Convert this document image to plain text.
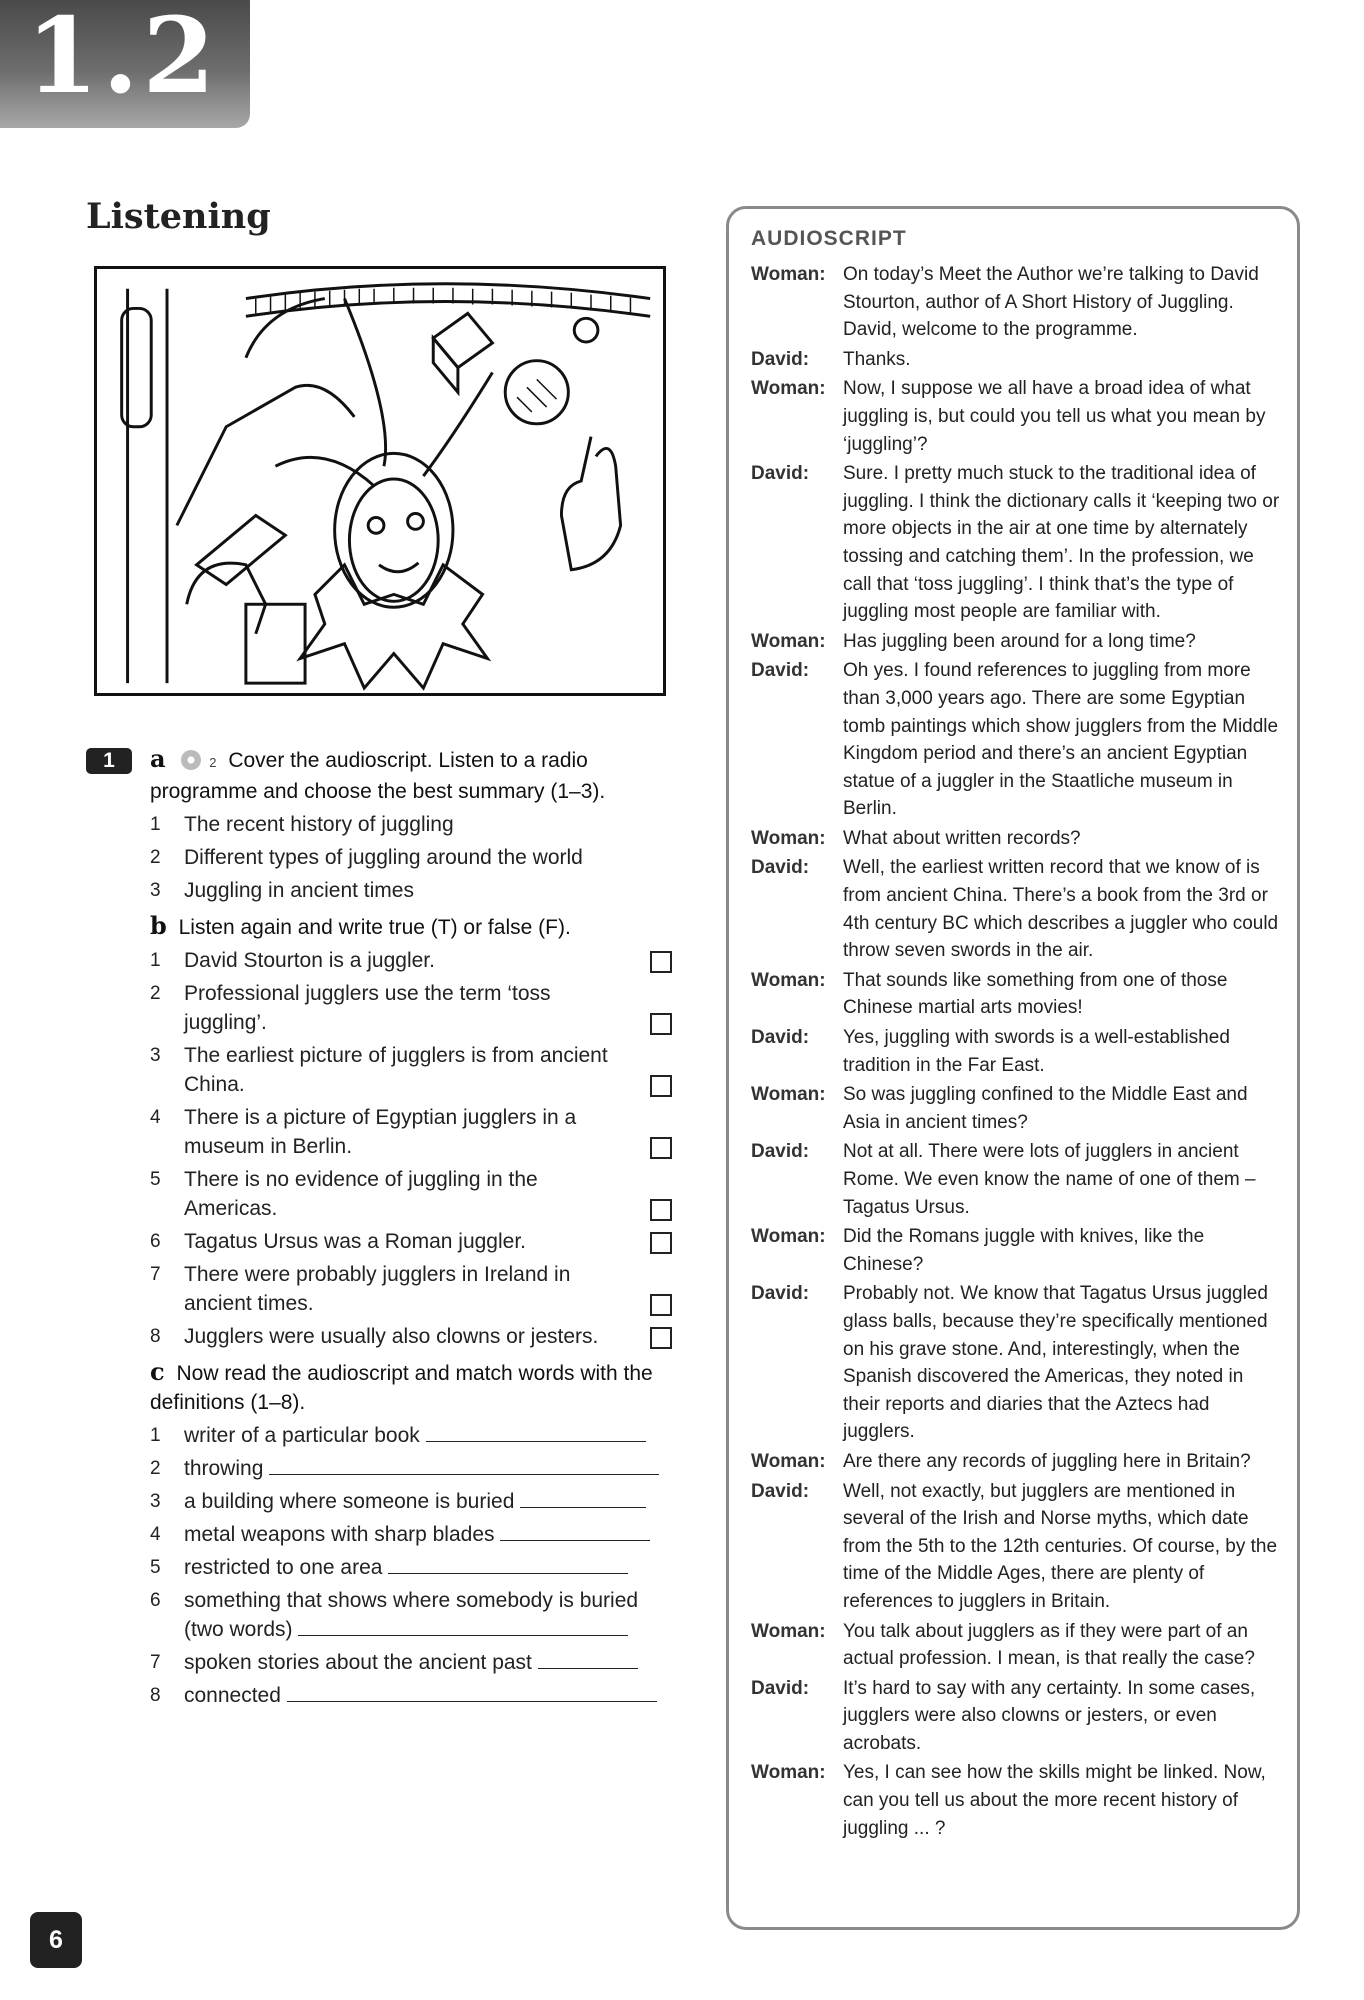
1.2
Listening
1	a	2 Cover the audioscript. Listen to a radio programme and choose the best summary (1–3).
1 The recent history of juggling
2 Different types of juggling around the world
3 Juggling in ancient times
b Listen again and write true (T) or false (F).
1 David Stourton is a juggler.
2 Professional jugglers use the term ‘toss juggling’.
3 The earliest picture of jugglers is from ancient China.
4 There is a picture of Egyptian jugglers in a museum in Berlin.
5 There is no evidence of juggling in the Americas.
6 Tagatus Ursus was a Roman juggler.
7 There were probably jugglers in Ireland in ancient times.
8 Jugglers were usually also clowns or jesters.
c Now read the audioscript and match words with the definitions (1–8).
1 writer of a particular book
2 throwing
3 a building where someone is buried
4 metal weapons with sharp blades
5 restricted to one area
6 something that shows where somebody is buried (two words)
7 spoken stories about the ancient past
8 connected
AUDIOSCRIPT
Woman: On today’s Meet the Author we’re talking to David Stourton, author of A Short History of Juggling. David, welcome to the programme.
David:	Thanks.
Woman: Now, I suppose we all have a broad idea of what juggling is, but could you tell us what you mean by ‘juggling’?
David:	Sure. I pretty much stuck to the traditional idea of juggling. I think the dictionary calls it ‘keeping two or more objects in the air at one time by alternately tossing and catching them’. In the profession, we call that ‘toss juggling’. I think that’s the type of juggling most people are familiar with.
Woman: Has juggling been around for a long time?
David:	Oh yes. I found references to juggling from more than 3,000 years ago. There are some Egyptian tomb paintings which show jugglers from the Middle Kingdom period and there’s an ancient Egyptian statue of a juggler in the Staatliche museum in Berlin.
Woman: What about written records?
David:	Well, the earliest written record that we know of is from ancient China. There’s a book from the 3rd or 4th century BC which describes a juggler who could throw seven swords in the air.
Woman: That sounds like something from one of those Chinese martial arts movies!
David:	Yes, juggling with swords is a well-established tradition in the Far East.
Woman: So was juggling confined to the Middle East and Asia in ancient times?
David:	Not at all. There were lots of jugglers in ancient Rome. We even know the name of one of them – Tagatus Ursus.
Woman: Did the Romans juggle with knives, like the Chinese?
David:	Probably not. We know that Tagatus Ursus juggled glass balls, because they’re specifically mentioned on his grave stone. And, interestingly, when the Spanish discovered the Americas, they noted in their reports and diaries that the Aztecs had jugglers.
Woman: Are there any records of juggling here in Britain?
David:	Well, not exactly, but jugglers are mentioned in several of the Irish and Norse myths, which date from the 5th to the 12th centuries. Of course, by the time of the Middle Ages, there are plenty of references to jugglers in Britain.
Woman: You talk about jugglers as if they were part of an actual profession. I mean, is that really the case?
David:	It’s hard to say with any certainty. In some cases, jugglers were also clowns or jesters, or even acrobats.
Woman: Yes, I can see how the skills might be linked. Now, can you tell us about the more recent history of juggling ... ?
6
